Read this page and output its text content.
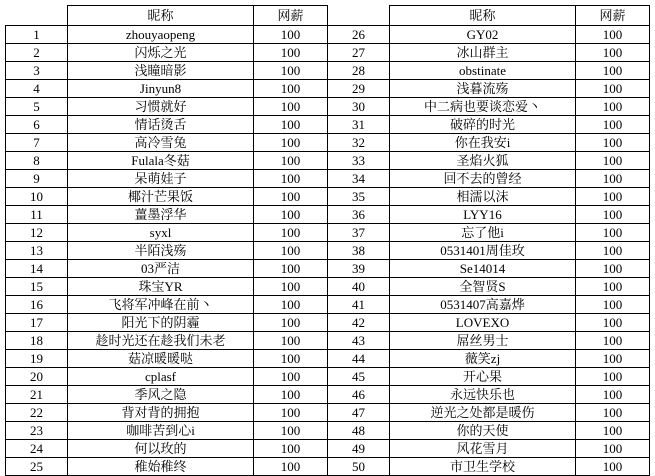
	昵称	网薪		昵称	网薪
1	zhouyaopeng	100	26	GY02	100
2	闪烁之光	100	27	冰山群主	100
3	浅瞳暗影	100	28	obstinate	100
4	Jinyun8	100	29	浅暮流殇	100
5	习惯就好	100	30	中二病也要谈恋爱丶	100
6	情话烫舌	100	31	破碎的时光	100
7	高冷雪兔	100	32	你在我安i	100
8	Fulala冬菇	100	33	圣焰火狐	100
9	呆萌娃子	100	34	回不去的曾经	100
10	椰汁芒果饭	100	35	相濡以沫	100
11	薑墨浮华	100	36	LYY16	100
12	syxl	100	37	忘了他i	100
13	半陌浅殇	100	38	0531401周佳玫	100
14	03严洁	100	39	Se14014	100
15	珠宝YR	100	40	全智贤S	100
16	飞将军冲峰在前丶	100	41	0531407高嘉烨	100
17	阳光下的阴霾	100	42	LOVEXO	100
18	趁时光还在趁我们未老	100	43	屌丝男士	100
19	菇凉暖暖哒	100	44	薇笑zj	100
20	cplasf	100	45	开心果	100
21	季风之隐	100	46	永远快乐也	100
22	背对背的拥抱	100	47	逆光之处都是暖伤	100
23	咖啡苦到心i	100	48	你的天使	100
24	何以玫的	100	49	风花雪月	100
25	稚始稚终	100	50	市卫生学校	100
